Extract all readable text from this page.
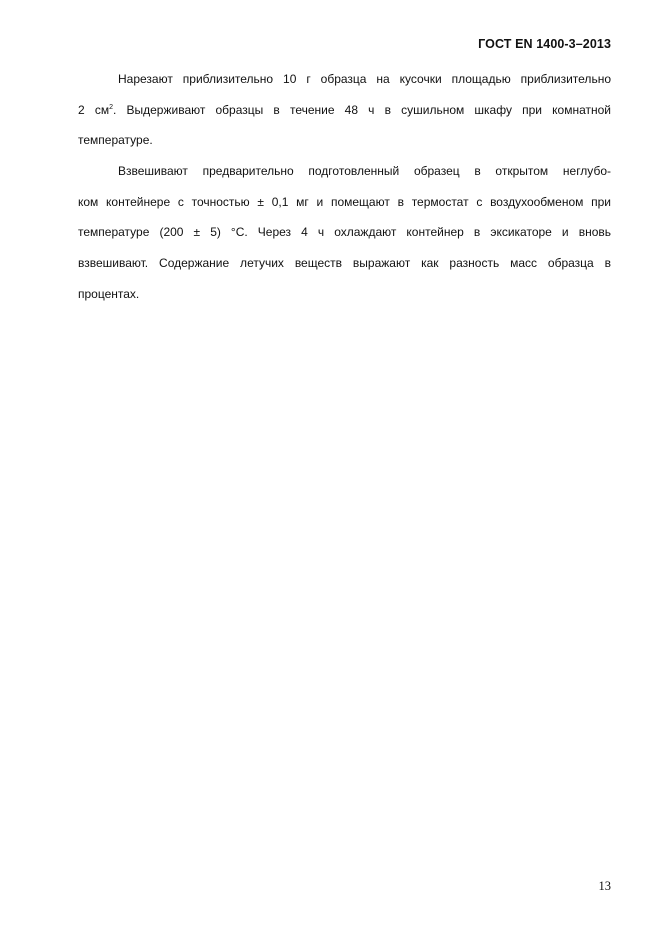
ГОСТ EN 1400-3–2013
Нарезают приблизительно 10 г образца на кусочки площадью приблизительно
2 $см^2$. Выдерживают образцы в течение 48 ч в сушильном шкафу при комнатной
температуре.
Взвешивают предварительно подготовленный образец в открытом неглубо-
ком контейнере с точностью ± 0,1 мг и помещают в термостат с воздухообменом при
температуре (200 ± 5) °С. Через 4 ч охлаждают контейнер в эксикаторе и вновь
взвешивают. Содержание летучих веществ выражают как разность масс образца в
процентах.
13
